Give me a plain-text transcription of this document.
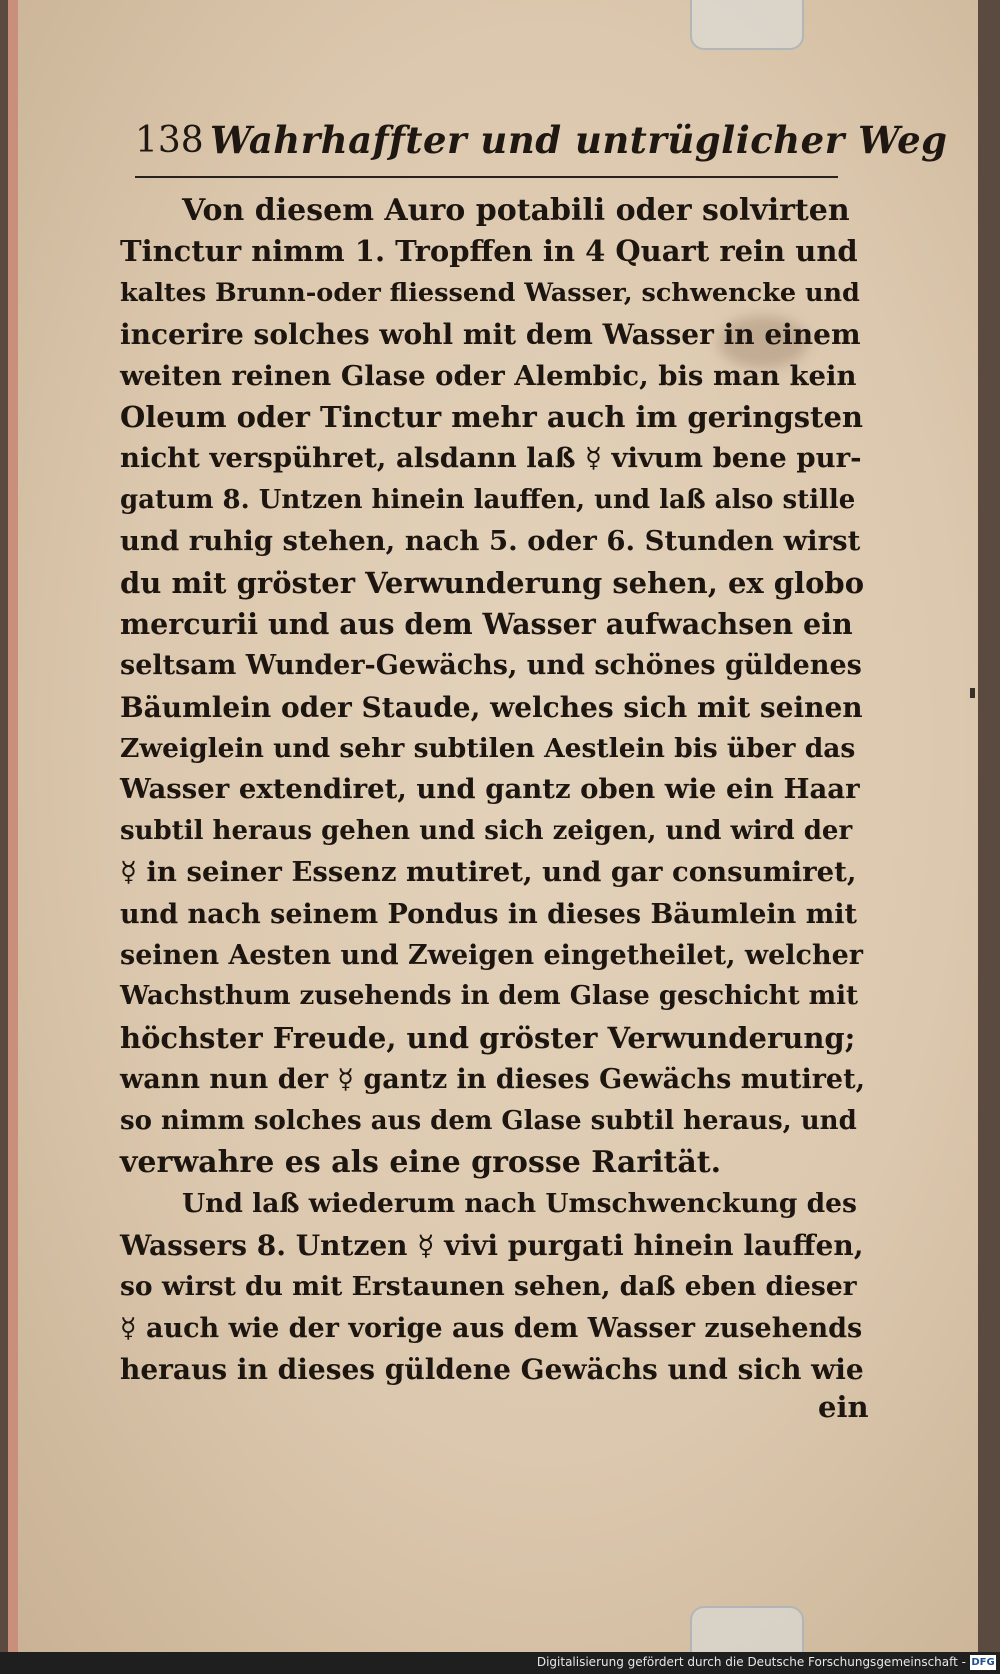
138 Wahrhaffter und untrüglicher Weg
Von diesem Auro potabili oder solvirten
Tinctur nimm 1. Tropffen in 4 Quart rein und
kaltes Brunn-oder fliessend Wasser, schwencke und
incerire solches wohl mit dem Wasser in einem
weiten reinen Glase oder Alembic, bis man kein
Oleum oder Tinctur mehr auch im geringsten
nicht verspühret, alsdann laß ☿ vivum bene pur-
gatum 8. Untzen hinein lauffen, und laß also stille
und ruhig stehen, nach 5. oder 6. Stunden wirst
du mit gröster Verwunderung sehen, ex globo
mercurii und aus dem Wasser aufwachsen ein
seltsam Wunder-Gewächs, und schönes güldenes
Bäumlein oder Staude, welches sich mit seinen
Zweiglein und sehr subtilen Aestlein bis über das
Wasser extendiret, und gantz oben wie ein Haar
subtil heraus gehen und sich zeigen, und wird der
☿ in seiner Essenz mutiret, und gar consumiret,
und nach seinem Pondus in dieses Bäumlein mit
seinen Aesten und Zweigen eingetheilet, welcher
Wachsthum zusehends in dem Glase geschicht mit
höchster Freude, und gröster Verwunderung;
wann nun der ☿ gantz in dieses Gewächs mutiret,
so nimm solches aus dem Glase subtil heraus, und
verwahre es als eine grosse Rarität.
Und laß wiederum nach Umschwenckung des
Wassers 8. Untzen ☿ vivi purgati hinein lauffen,
so wirst du mit Erstaunen sehen, daß eben dieser
☿ auch wie der vorige aus dem Wasser zusehends
heraus in dieses güldene Gewächs und sich wie
ein
Digitalisierung gefördert durch die Deutsche Forschungsgemeinschaft - DFG
